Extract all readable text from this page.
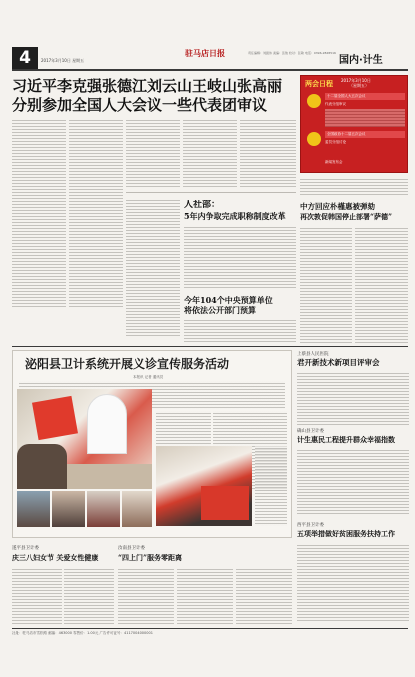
4	2017年3月10日 星期五
驻马店日报	责任编辑：刘振伟 美编：张俊 校对：张敏 电话：0396-2828516
国内·计生
习近平李克强张德江刘云山王岐山张高丽
分别参加全国人大会议一些代表团审议
人社部：
5年内争取完成职称制度改革
今年104个中央预算单位
将依法公开部门预算
两会日程 2017年3月10日
（星期五）
十二届全国人大五次会议
代表分组审议
全国政协十二届五次会议
委员分组讨论
新闻发布会
中方回应朴槿惠被弹劾
再次敦促韩国停止部署“萨德”
泌阳县卫计系统开展义诊宣传服务活动
本报讯 记者 通讯员
上蔡县人民医院
君开新技术新项目评审会
确山县卫计委
计生惠民工程提升群众幸福指数
西平县卫计委
五项举措做好贫困服务扶持工作
遂平县卫计委
庆三八妇女节 关爱女性健康
汝南县卫计委
“四上门”服务零距离
社址：驻马店市雪松路 邮编：463000 零售价：1.00元 广告许可证号：4117004000001
